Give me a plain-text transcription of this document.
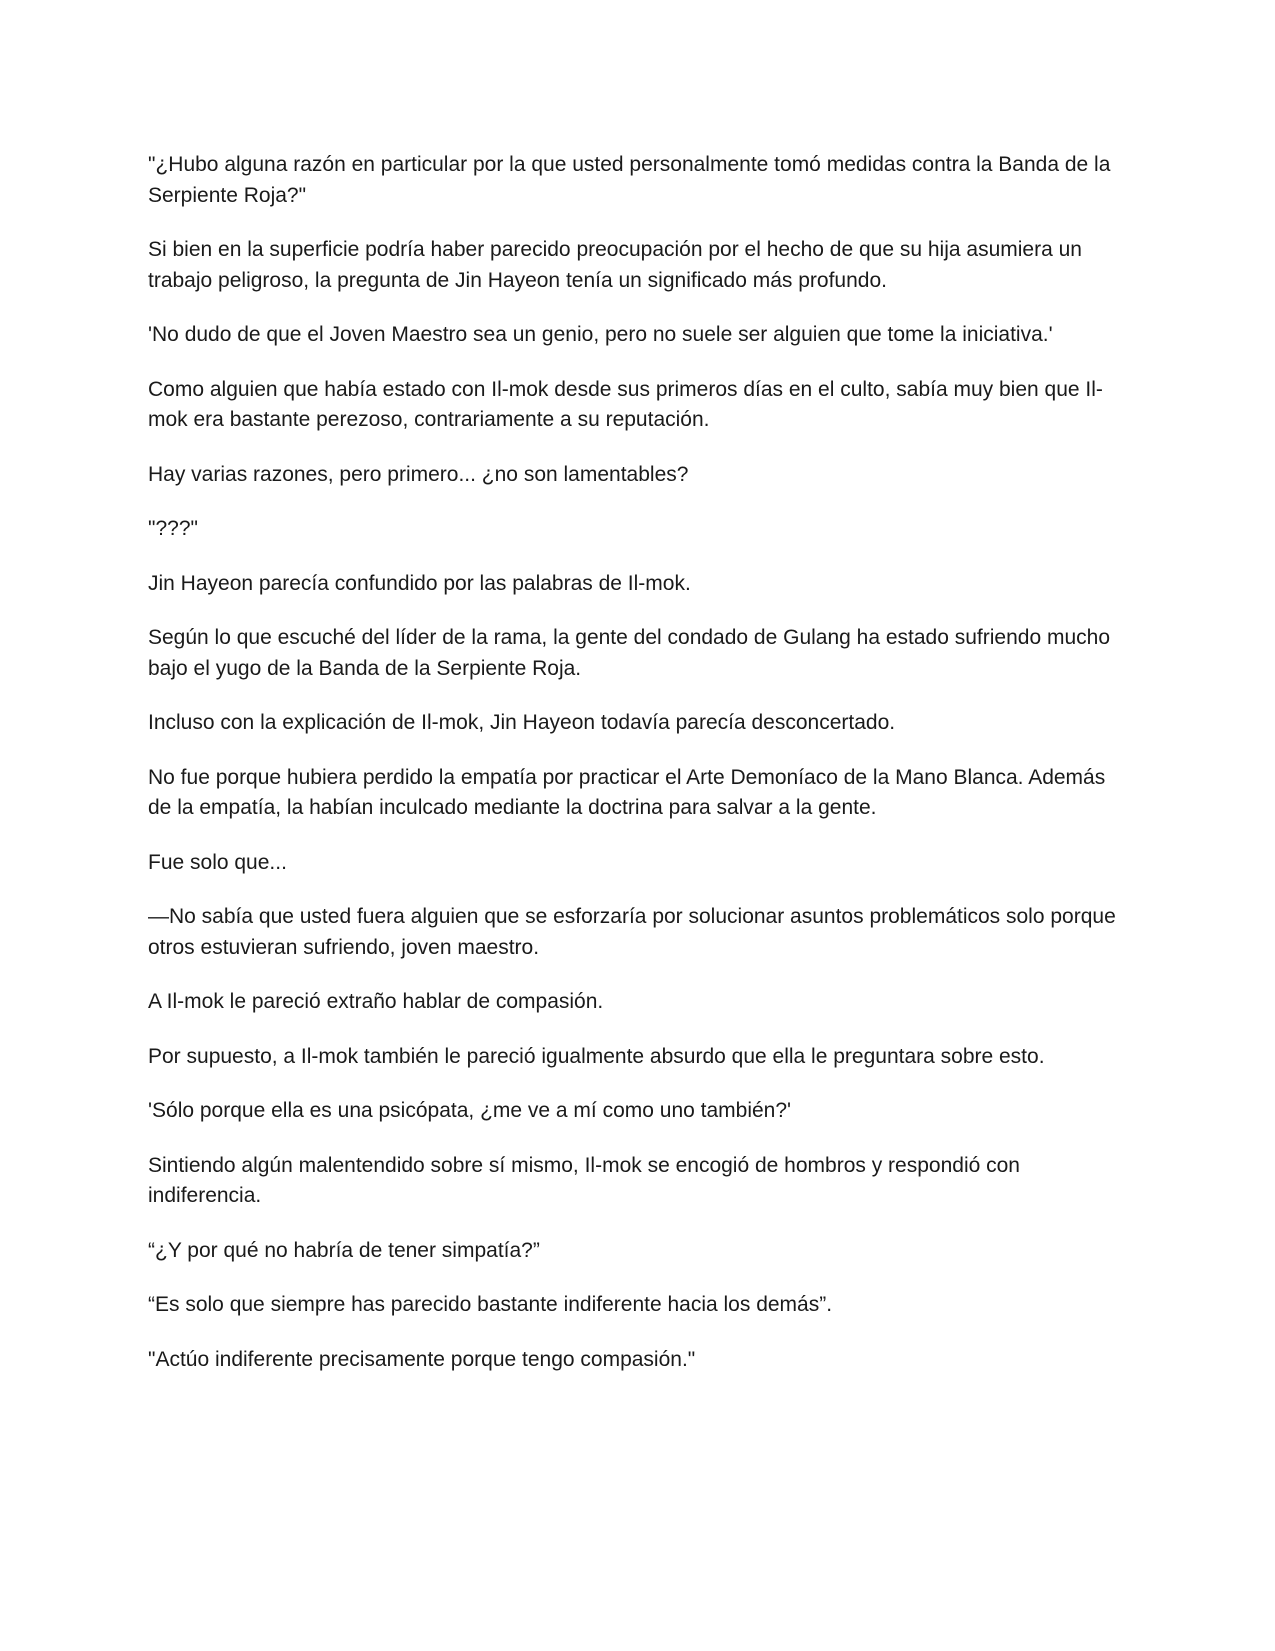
"¿Hubo alguna razón en particular por la que usted personalmente tomó medidas contra la Banda de la Serpiente Roja?"

Si bien en la superficie podría haber parecido preocupación por el hecho de que su hija asumiera un trabajo peligroso, la pregunta de Jin Hayeon tenía un significado más profundo.

'No dudo de que el Joven Maestro sea un genio, pero no suele ser alguien que tome la iniciativa.'

Como alguien que había estado con Il-mok desde sus primeros días en el culto, sabía muy bien que Il-mok era bastante perezoso, contrariamente a su reputación.

Hay varias razones, pero primero... ¿no son lamentables?

"???"

Jin Hayeon parecía confundido por las palabras de Il-mok.

Según lo que escuché del líder de la rama, la gente del condado de Gulang ha estado sufriendo mucho bajo el yugo de la Banda de la Serpiente Roja.

Incluso con la explicación de Il-mok, Jin Hayeon todavía parecía desconcertado.

No fue porque hubiera perdido la empatía por practicar el Arte Demoníaco de la Mano Blanca. Además de la empatía, la habían inculcado mediante la doctrina para salvar a la gente.

Fue solo que...

—No sabía que usted fuera alguien que se esforzaría por solucionar asuntos problemáticos solo porque otros estuvieran sufriendo, joven maestro.

A Il-mok le pareció extraño hablar de compasión.

Por supuesto, a Il-mok también le pareció igualmente absurdo que ella le preguntara sobre esto.

'Sólo porque ella es una psicópata, ¿me ve a mí como uno también?'

Sintiendo algún malentendido sobre sí mismo, Il-mok se encogió de hombros y respondió con indiferencia.

“¿Y por qué no habría de tener simpatía?”

“Es solo que siempre has parecido bastante indiferente hacia los demás”.

"Actúo indiferente precisamente porque tengo compasión."
